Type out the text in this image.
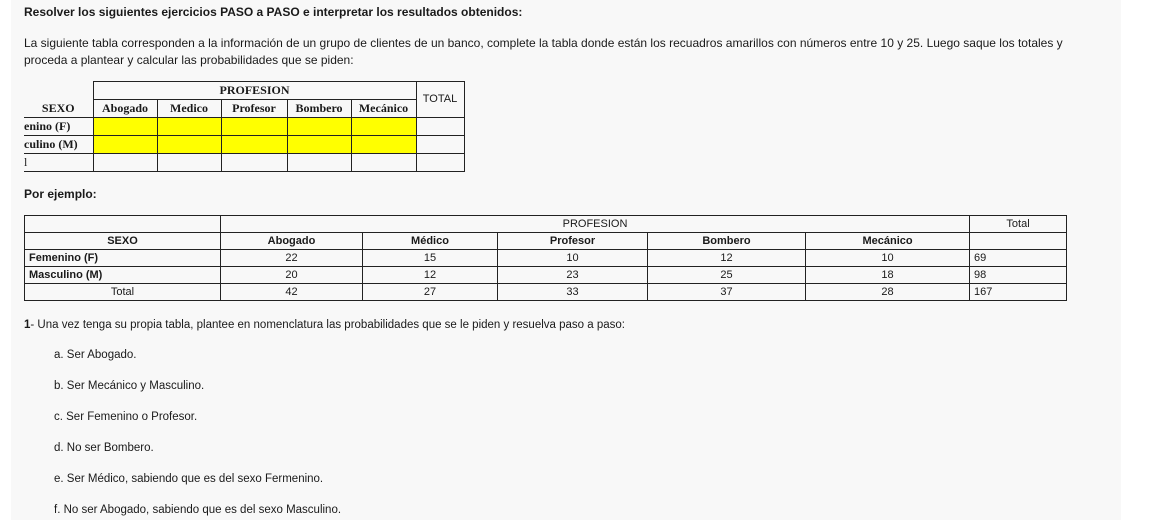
Resolver los siguientes ejercicios PASO a PASO e interpretar los resultados obtenidos:
La siguiente tabla corresponden a la información de un grupo de clientes de un banco, complete la tabla donde están los recuadros amarillos con números entre 10 y 25. Luego saque los totales y proceda a plantear y calcular las probabilidades que se piden:
	PROFESION					TOTAL

SEXO	Abogado	Medico	Profesor	Bombero	Mecánico	
enino (F)						
culino (M)						
l						
Por ejemplo:
	PROFESION					Total
SEXO	Abogado	Médico	Profesor	Bombero	Mecánico	
Femenino (F)	22	15	10	12	10	69
Masculino (M)	20	12	23	25	18	98
Total	42	27	33	37	28	167
1- Una vez tenga su propia tabla, plantee en nomenclatura las probabilidades que se le piden y resuelva paso a paso:
a. Ser Abogado.
b. Ser Mecánico y Masculino.
c. Ser Femenino o Profesor.
d. No ser Bombero.
e. Ser Médico, sabiendo que es del sexo Fermenino.
f. No ser Abogado, sabiendo que es del sexo Masculino.
